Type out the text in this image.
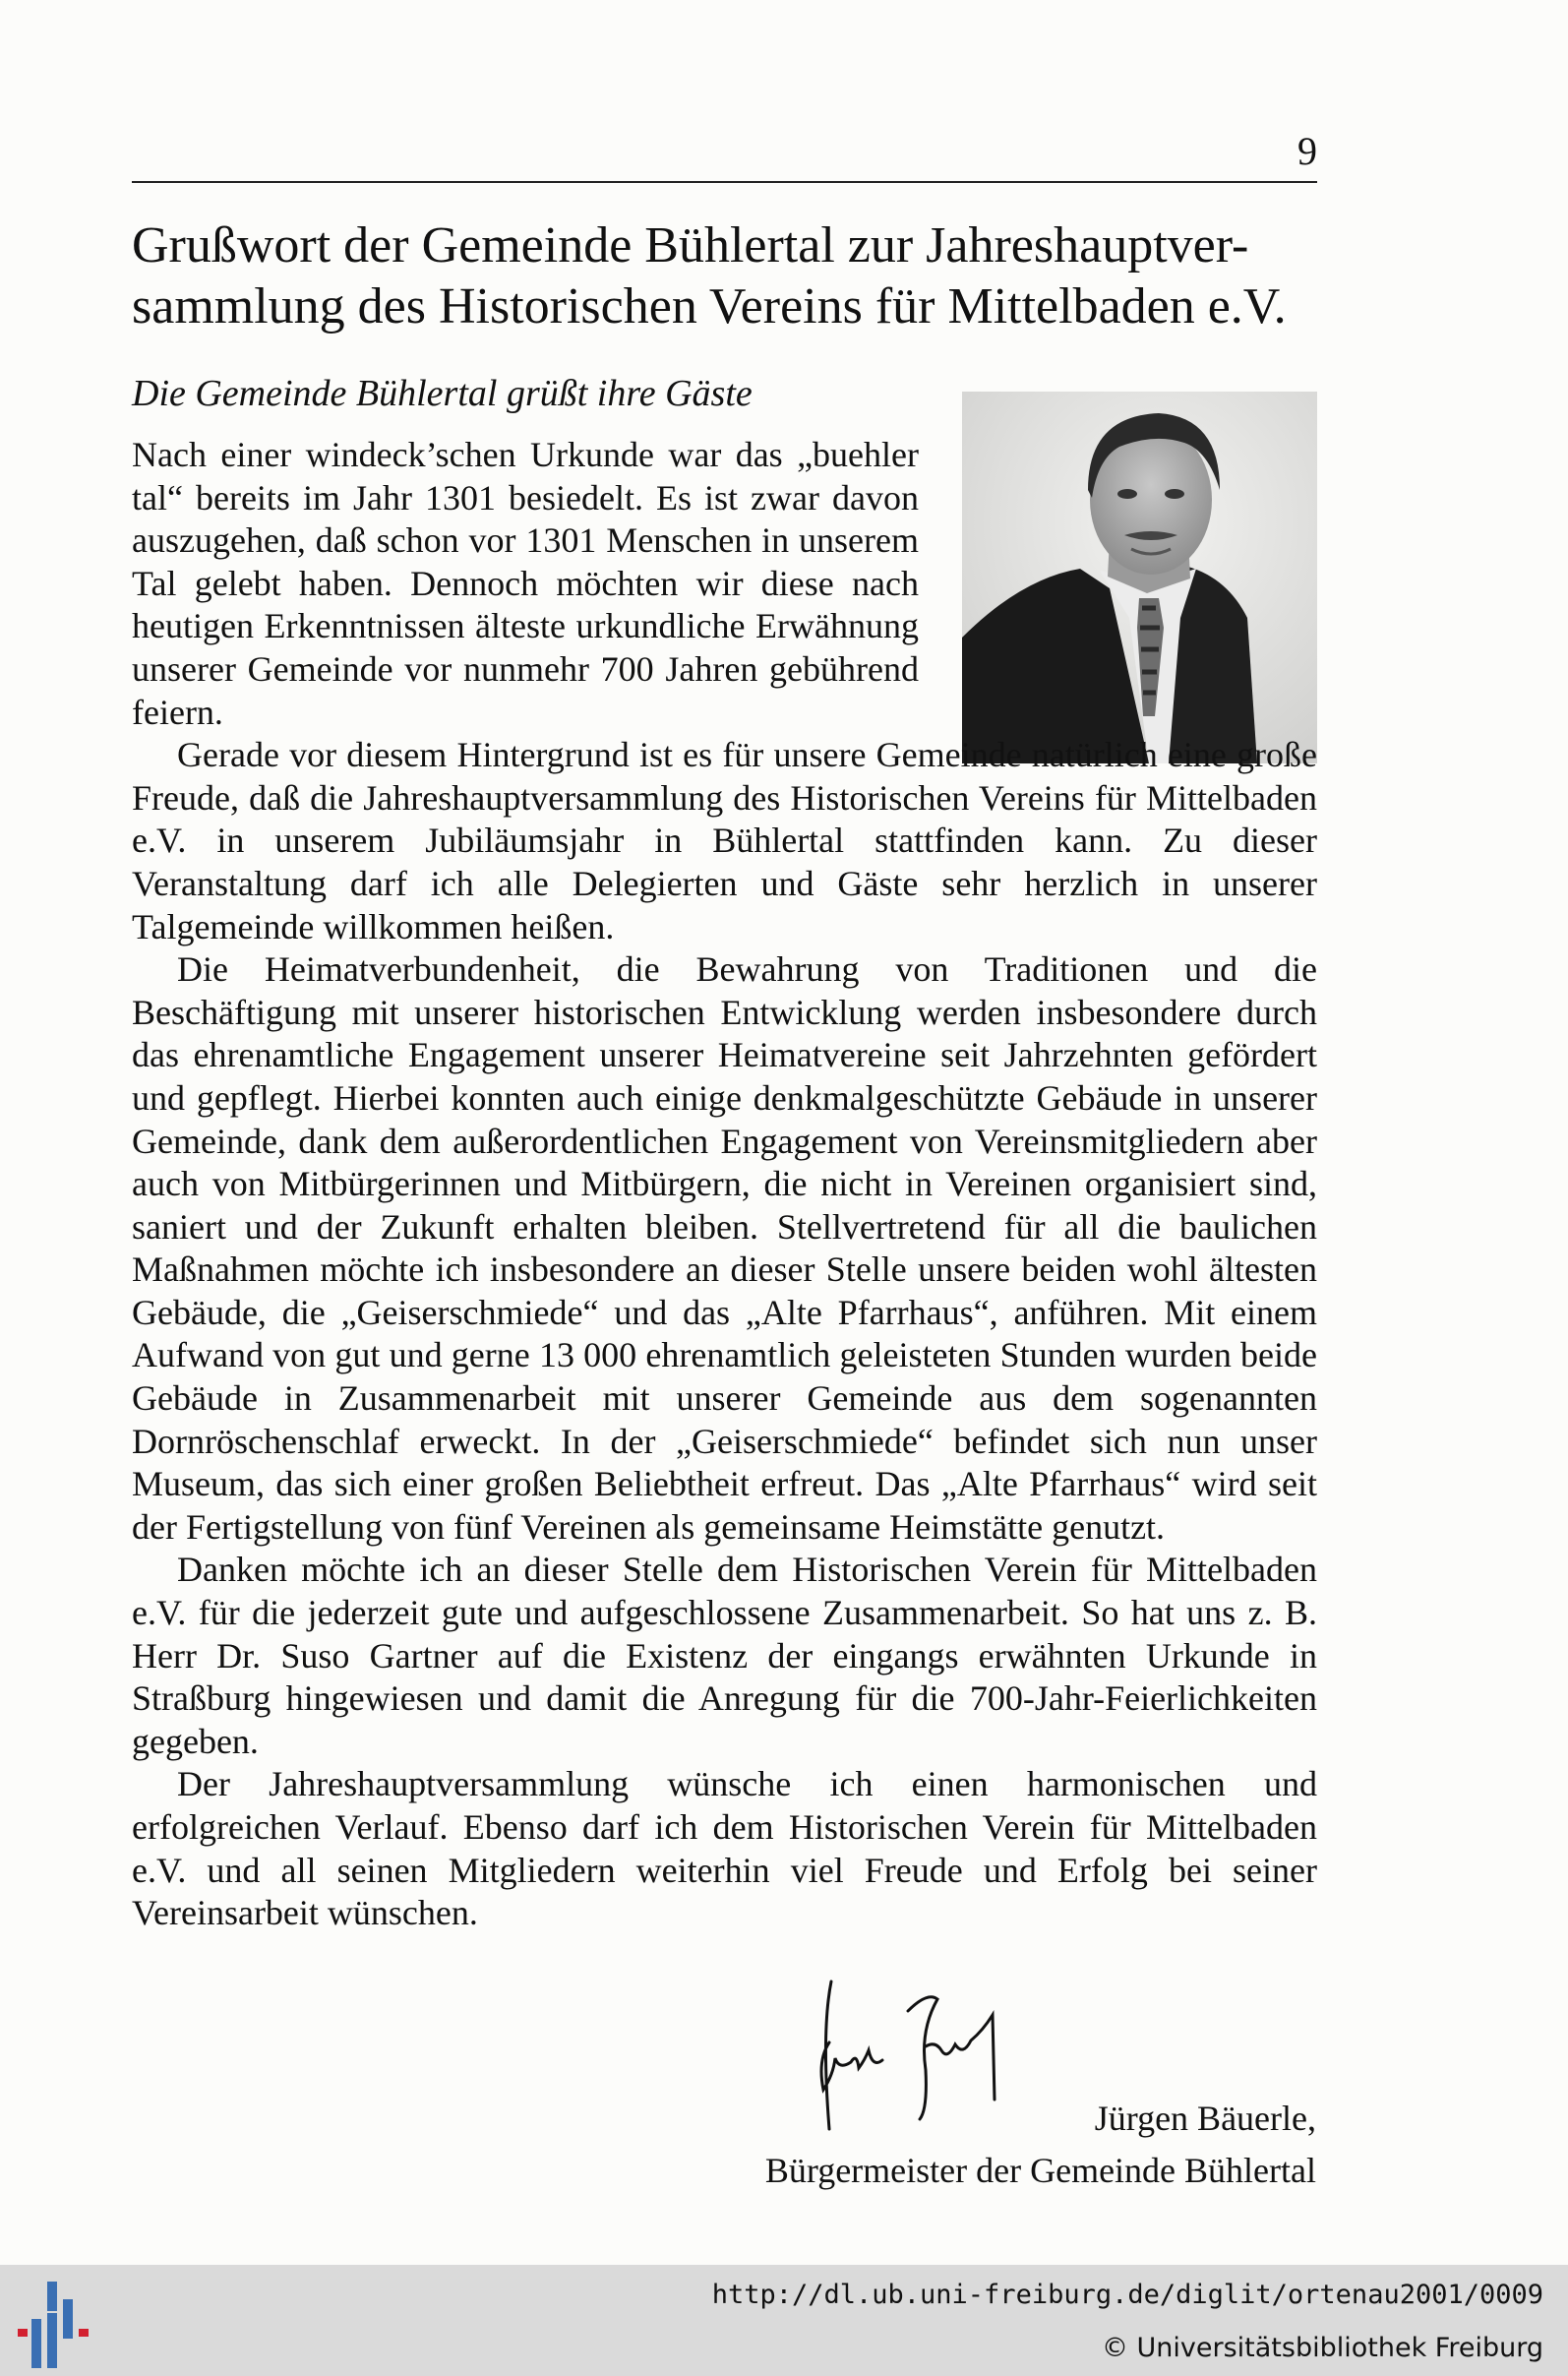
9
Grußwort der Gemeinde Bühlertal zur Jahreshauptver-
sammlung des Historischen Vereins für Mittelbaden e.V.

Die Gemeinde Bühlertal grüßt ihre Gäste

Nach einer windeck’schen Urkunde war das „buehler tal“ bereits im Jahr 1301 besiedelt. Es ist zwar davon auszugehen, daß schon vor 1301 Menschen in unserem Tal gelebt haben. Dennoch möchten wir diese nach heutigen Erkenntnissen älteste urkundliche Erwähnung unserer Gemeinde vor nunmehr 700 Jahren gebührend feiern.

Gerade vor diesem Hintergrund ist es für unsere Gemeinde natürlich eine große Freude, daß die Jahreshauptversammlung des Historischen Vereins für Mittelbaden e.V. in unserem Jubiläumsjahr in Bühlertal stattfinden kann. Zu dieser Veranstaltung darf ich alle Delegierten und Gäste sehr herzlich in unserer Talgemeinde willkommen heißen.

Die Heimatverbundenheit, die Bewahrung von Traditionen und die Beschäftigung mit unserer historischen Entwicklung werden insbesondere durch das ehrenamtliche Engagement unserer Heimatvereine seit Jahrzehnten gefördert und gepflegt. Hierbei konnten auch einige denkmalgeschützte Gebäude in unserer Gemeinde, dank dem außerordentlichen Engagement von Vereinsmitgliedern aber auch von Mitbürgerinnen und Mitbürgern, die nicht in Vereinen organisiert sind, saniert und der Zukunft erhalten bleiben. Stellvertretend für all die baulichen Maßnahmen möchte ich insbesondere an dieser Stelle unsere beiden wohl ältesten Gebäude, die „Geiserschmiede“ und das „Alte Pfarrhaus“, anführen. Mit einem Aufwand von gut und gerne 13 000 ehrenamtlich geleisteten Stunden wurden beide Gebäude in Zusammenarbeit mit unserer Gemeinde aus dem sogenannten Dornröschenschlaf erweckt. In der „Geiserschmiede“ befindet sich nun unser Museum, das sich einer großen Beliebtheit erfreut. Das „Alte Pfarrhaus“ wird seit der Fertigstellung von fünf Vereinen als gemeinsame Heimstätte genutzt.

Danken möchte ich an dieser Stelle dem Historischen Verein für Mittelbaden e.V. für die jederzeit gute und aufgeschlossene Zusammenarbeit. So hat uns z. B. Herr Dr. Suso Gartner auf die Existenz der eingangs erwähnten Urkunde in Straßburg hingewiesen und damit die Anregung für die 700-Jahr-Feierlichkeiten gegeben.

Der Jahreshauptversammlung wünsche ich einen harmonischen und erfolgreichen Verlauf. Ebenso darf ich dem Historischen Verein für Mittelbaden e.V. und all seinen Mitgliedern weiterhin viel Freude und Erfolg bei seiner Vereinsarbeit wünschen.

Jürgen Bäuerle,
Bürgermeister der Gemeinde Bühlertal
http://dl.ub.uni-freiburg.de/diglit/ortenau2001/0009
© Universitätsbibliothek Freiburg
